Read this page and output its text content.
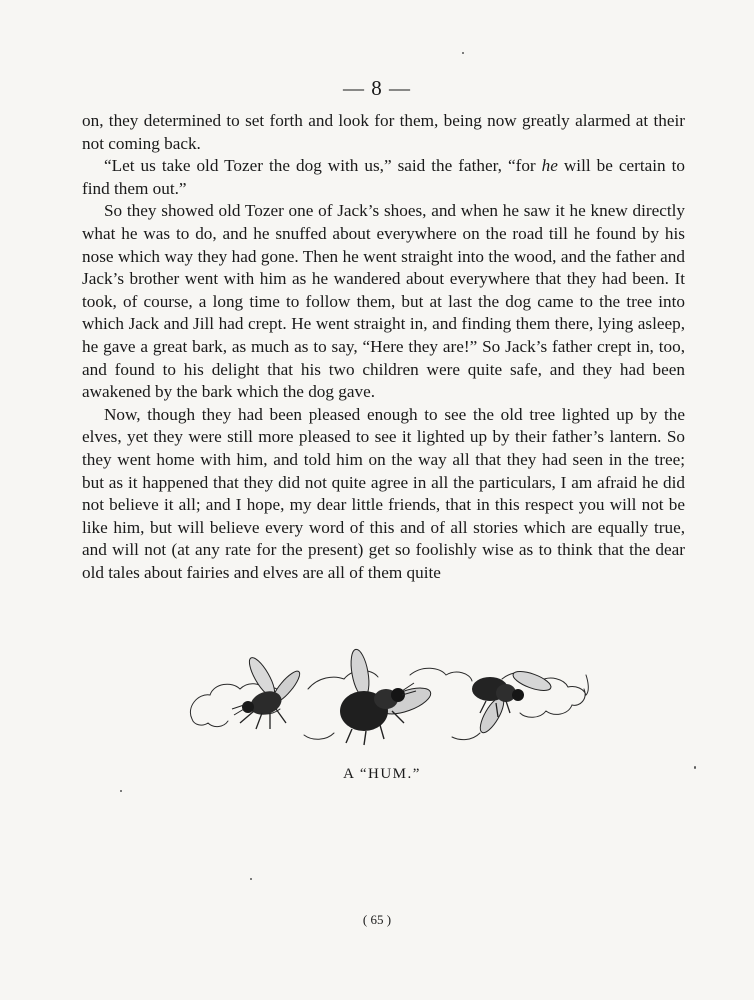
— 8 —

on, they determined to set forth and look for them, being now greatly alarmed at their not coming back.

“Let us take old Tozer the dog with us,” said the father, “for he will be certain to find them out.”

So they showed old Tozer one of Jack’s shoes, and when he saw it he knew directly what he was to do, and he snuffed about everywhere on the road till he found by his nose which way they had gone. Then he went straight into the wood, and the father and Jack’s brother went with him as he wandered about everywhere that they had been. It took, of course, a long time to follow them, but at last the dog came to the tree into which Jack and Jill had crept. He went straight in, and finding them there, lying asleep, he gave a great bark, as much as to say, “Here they are!” So Jack’s father crept in, too, and found to his delight that his two children were quite safe, and they had been awakened by the bark which the dog gave.

Now, though they had been pleased enough to see the old tree lighted up by the elves, yet they were still more pleased to see it lighted up by their father’s lantern. So they went home with him, and told him on the way all that they had seen in the tree; but as it happened that they did not quite agree in all the particulars, I am afraid he did not believe it all; and I hope, my dear little friends, that in this respect you will not be like him, but will believe every word of this and of all stories which are equally true, and will not (at any rate for the present) get so foolishly wise as to think that the dear old tales about fairies and elves are all of them quite

A “HUM.”
( 65 )
